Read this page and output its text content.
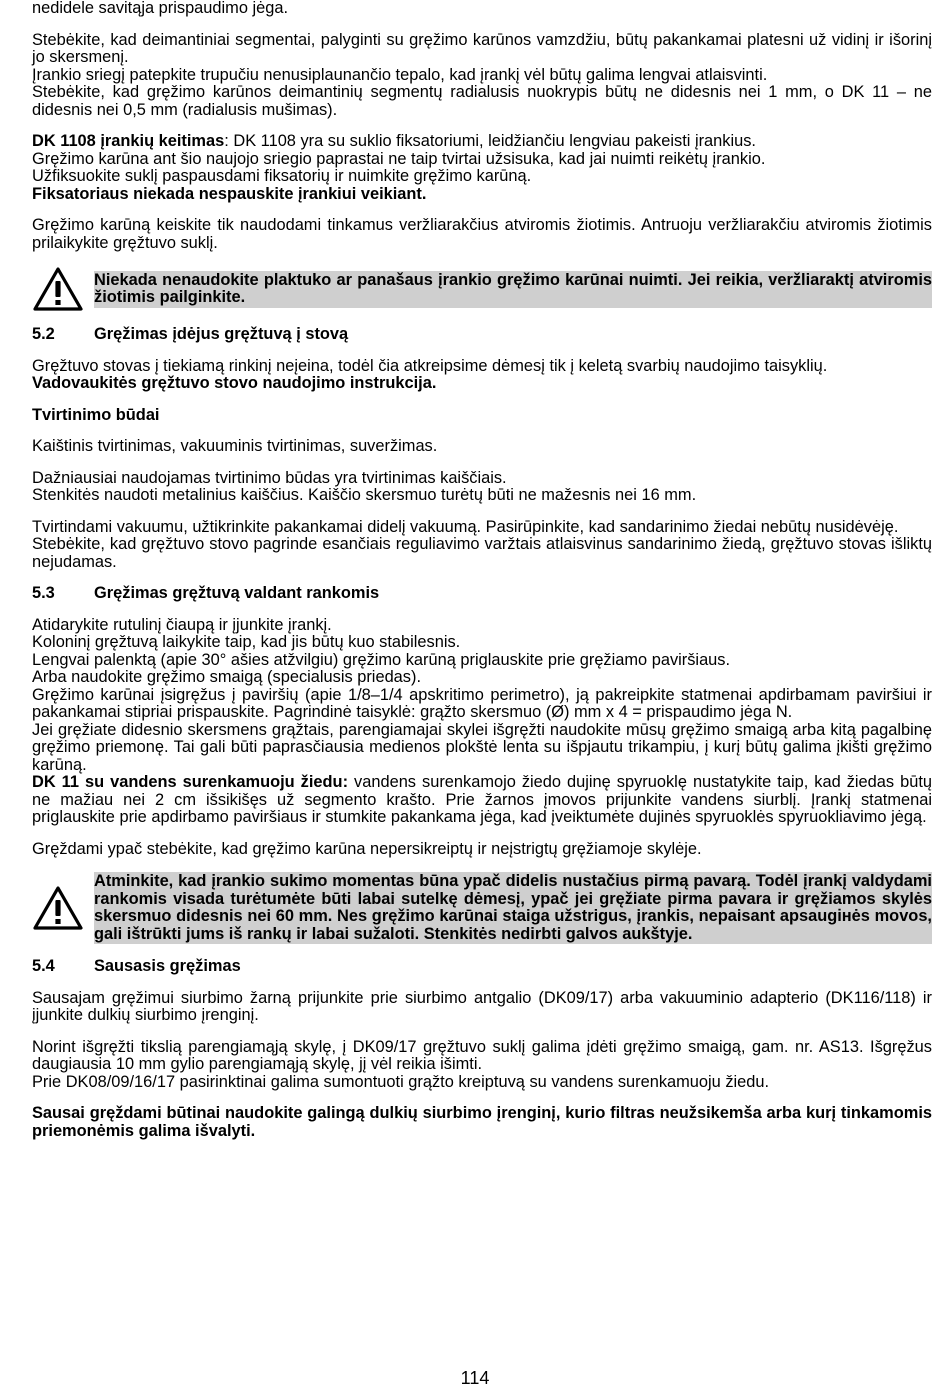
nedidele savitąja prispaudimo jėga.

Stebėkite, kad deimantiniai segmentai, palyginti su gręžimo karūnos vamzdžiu, būtų pakankamai platesni už vidinį ir išorinį jo skersmenį.

Įrankio sriegį patepkite trupučiu nenusiplaunančio tepalo, kad įrankį vėl būtų galima lengvai atlaisvinti.

Stebėkite, kad gręžimo karūnos deimantinių segmentų radialusis nuokrypis būtų ne didesnis nei 1 mm, o DK 11 – ne didesnis nei 0,5 mm (radialusis mušimas).

DK 1108 įrankių keitimas: DK 1108 yra su suklio fiksatoriumi, leidžiančiu lengviau pakeisti įrankius.

Gręžimo karūna ant šio naujojo sriegio paprastai ne taip tvirtai užsisuka, kad jai nuimti reikėtų įrankio.

Užfiksuokite suklį paspausdami fiksatorių ir nuimkite gręžimo karūną.

Fiksatoriaus niekada nespauskite įrankiui veikiant.

Gręžimo karūną keiskite tik naudodami tinkamus veržliarakčius atviromis žiotimis. Antruoju veržliarakčiu atviromis žiotimis prilaikykite gręžtuvo suklį.

Niekada nenaudokite plaktuko ar panašaus įrankio gręžimo karūnai nuimti. Jei reikia, veržliaraktį atviromis žiotimis pailginkite.
5.2	Gręžimas įdėjus gręžtuvą į stovą

Gręžtuvo stovas į tiekiamą rinkinį neįeina, todėl čia atkreipsime dėmesį tik į keletą svarbių naudojimo taisyklių.

Vadovaukitės gręžtuvo stovo naudojimo instrukcija.

Tvirtinimo būdai

Kaištinis tvirtinimas, vakuuminis tvirtinimas, suveržimas.

Dažniausiai naudojamas tvirtinimo būdas yra tvirtinimas kaiščiais.

Stenkitės naudoti metalinius kaiščius. Kaiščio skersmuo turėtų būti ne mažesnis nei 16 mm.

Tvirtindami vakuumu, užtikrinkite pakankamai didelį vakuumą. Pasirūpinkite, kad sandarinimo žiedai nebūtų nusidėvėję.

Stebėkite, kad gręžtuvo stovo pagrinde esančiais reguliavimo varžtais atlaisvinus sandarinimo žiedą, gręžtuvo stovas išliktų nejudamas.

5.3	Gręžimas gręžtuvą valdant rankomis

Atidarykite rutulinį čiaupą ir įjunkite įrankį.

Koloninį gręžtuvą laikykite taip, kad jis būtų kuo stabilesnis.

Lengvai palenktą (apie 30° ašies atžvilgiu) gręžimo karūną priglauskite prie gręžiamo paviršiaus.

Arba naudokite gręžimo smaigą (specialusis priedas).

Gręžimo karūnai įsigręžus į paviršių (apie 1/8–1/4 apskritimo perimetro), ją pakreipkite statmenai apdirbamam paviršiui ir pakankamai stipriai prispauskite. Pagrindinė taisyklė: grąžto skersmuo (Ø) mm x 4 = prispaudimo jėga N.

Jei gręžiate didesnio skersmens grąžtais, parengiamajai skylei išgręžti naudokite mūsų gręžimo smaigą arba kitą pagalbinę gręžimo priemonę. Tai gali būti paprasčiausia medienos plokštė lenta su išpjautu trikampiu, į kurį būtų galima įkišti gręžimo karūną.

DK 11 su vandens surenkamuoju žiedu: vandens surenkamojo žiedo dujinę spyruoklę nustatykite taip, kad žiedas būtų ne mažiau nei 2 cm išsikišęs už segmento krašto. Prie žarnos įmovos prijunkite vandens siurblį. Įrankį statmenai priglauskite prie apdirbamo paviršiaus ir stumkite pakankama jėga, kad įveiktumėte dujinės spyruoklės spyruokliavimo jėgą.

Gręždami ypač stebėkite, kad gręžimo karūna nepersikreiptų ir neįstrigtų gręžiamoje skylėje.

Atminkite, kad įrankio sukimo momentas būna ypač didelis nustačius pirmą pavarą. Todėl įrankį valdydami rankomis visada turėtumėte būti labai sutelkę dėmesį, ypač jei gręžiate pirma pavara ir gręžiamos skylės skersmuo didesnis nei 60 mm. Nes gręžimo karūnai staiga užstrigus, įrankis, nepaisant apsaugінės movos, gali ištrūkti jums iš rankų ir labai sužaloti. Stenkitės nedirbti galvos aukštyje.
5.4	Sausasis gręžimas

Sausajam gręžimui siurbimo žarną prijunkite prie siurbimo antgalio (DK09/17) arba vakuuminio adapterio (DK116/118) ir įjunkite dulkių siurbimo įrenginį.

Norint išgręžti tikslią parengiamąją skylę, į DK09/17 gręžtuvo suklį galima įdėti gręžimo smaigą, gam. nr. AS13. Išgręžus daugiausia 10 mm gylio parengiamąją skylę, jį vėl reikia išimti.

Prie DK08/09/16/17 pasirinktinai galima sumontuoti grąžto kreiptuvą su vandens surenkamuoju žiedu.

Sausai gręždami būtinai naudokite galingą dulkių siurbimo įrenginį, kurio filtras neužsikemša arba kurį tinkamomis priemonėmis galima išvalyti.

114
